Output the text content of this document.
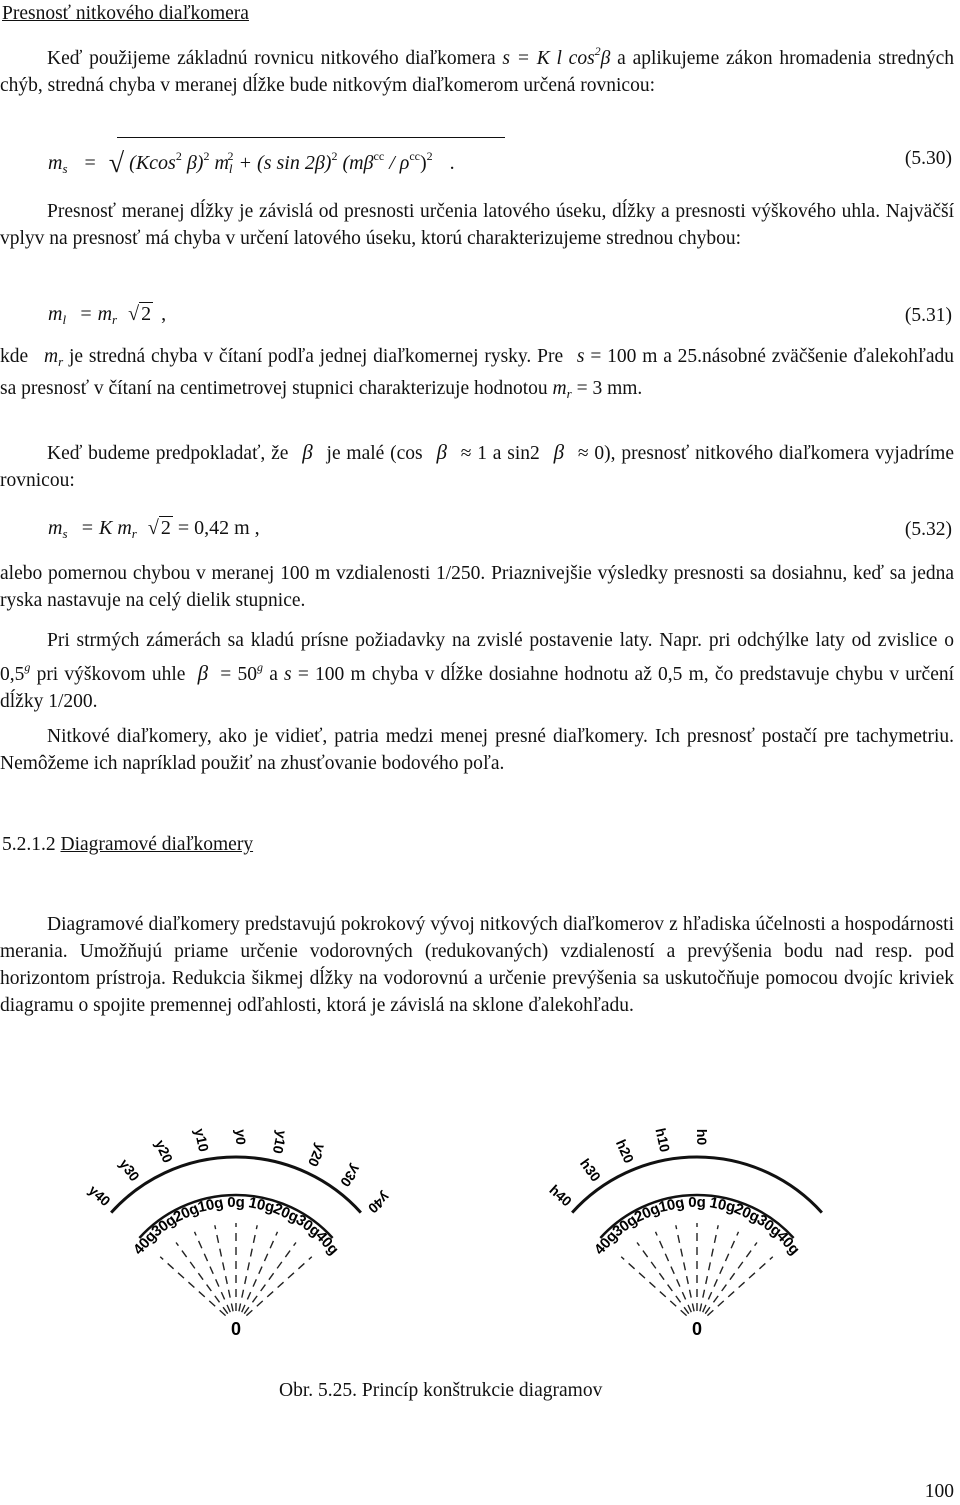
Presnosť nitkového diaľkomera
Keď použijeme základnú rovnicu nitkového diaľkomera s = K l $\cos^2\beta$ a aplikujeme zákon hromadenia stredných chýb, stredná chyba v meranej dĺžke bude nitkovým diaľkomerom určená rovnicou:
$m_s$ = √ (Kcos$^2$ β)$^2$ $m_l^2 + (s$ sin 2β)$^2$ $(m\beta^{cc} / \rho^{cc})^2$ .	(5.30)
Presnosť meranej dĺžky je závislá od presnosti určenia latového úseku, dĺžky a presnosti výškového uhla. Najväčší vplyv na presnosť má chyba v určení latového úseku, ktorú charakterizujeme strednou chybou:
$m_l = m_r$ √ 2 ,	(5.31)
kde $m_r$ je stredná chyba v čítaní podľa jednej diaľkomernej rysky. Pre s = 100 m a 25.násobné zväčšenie ďalekohľadu sa presnosť v čítaní na centimetrovej stupnici charakterizuje hodnotou $m_r = 3$ mm.
Keď budeme predpokladať, že β je malé (cos β ≈ 1 a sin2 β ≈ 0), presnosť nitkového diaľkomera vyjadríme rovnicou:
$m_s = K$ $m_r$ √ 2 = 0,42 m ,	(5.32)
alebo pomernou chybou v meranej 100 m vzdialenosti 1/250. Priaznivejšie výsledky presnosti sa dosiahnu, keď sa jedna ryska nastavuje na celý dielik stupnice.
Pri strmých zámerách sa kladú prísne požiadavky na zvislé postavenie laty. Napr. pri odchýlke laty od zvislice o 0,5$^g$ pri výškovom uhle $\beta = 50^g$ a s = 100 m chyba v dĺžke dosiahne hodnotu až 0,5 m, čo predstavuje chybu v určení dĺžky 1/200.
Nitkové diaľkomery, ako je vidieť, patria medzi menej presné diaľkomery. Ich presnosť postačí pre tachymetriu. Nemôžeme ich napríklad použiť na zhusťovanie bodového poľa.
5.2.1.2 Diagramové diaľkomery
Diagramové diaľkomery predstavujú pokrokový vývoj nitkových diaľkomerov z hľadiska účelnosti a hospodárnosti merania. Umožňujú priame určenie vodorovných (redukovaných) vzdialeností a prevýšenia bodu nad resp. pod horizontom prístroja. Redukcia šikmej dĺžky na vodorovnú a určenie prevýšenia sa uskutočňuje pomocou dvojíc kriviek diagramu o spojite premennej odľahlosti, ktorá je závislá na sklone ďalekohľadu.
40g
30g
20g
10g 0g 10g
20g
30g
40g
y40
y30
y20 y10 y0 y10 y20
y30
y40
0
40g
30g
20g
10g 0g 10g
20g
30g
40g
h40
h30
h20 h10 h0
0
Obr. 5.25. Princíp konštrukcie diagramov
100
